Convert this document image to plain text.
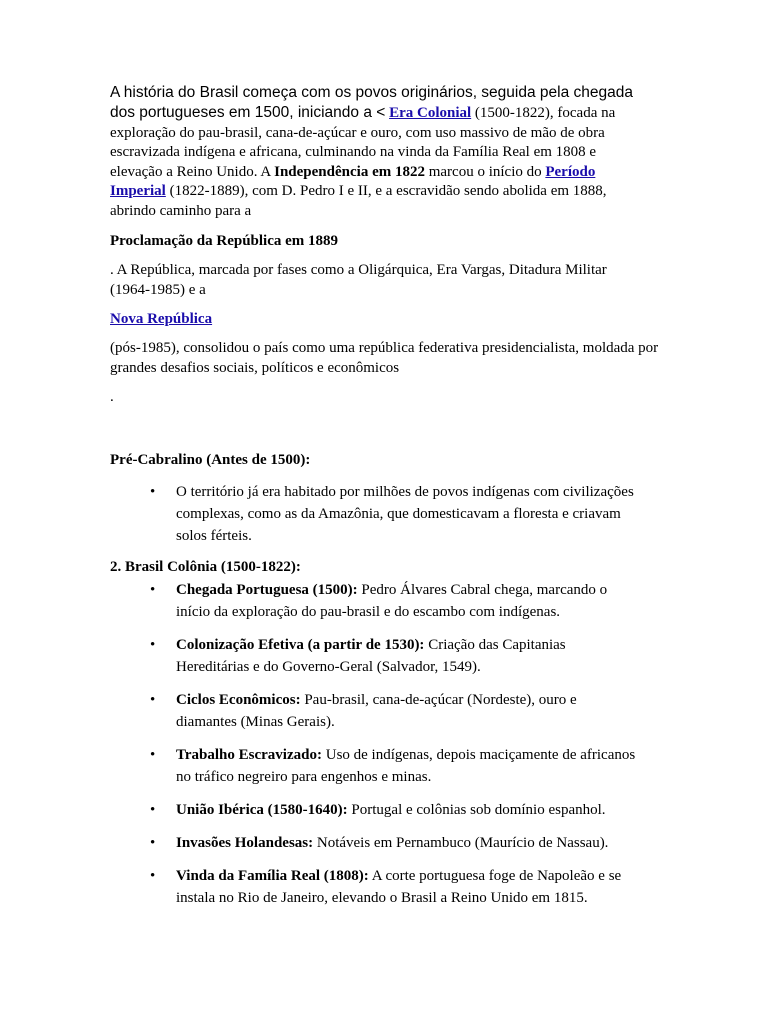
A história do Brasil começa com os povos originários, seguida pela chegada

dos portugueses em 1500, iniciando a < Era Colonial (1500-1822), focada na exploração do pau-brasil, cana-de-açúcar e ouro, com uso massivo de mão de obra escravizada indígena e africana, culminando na vinda da Família Real em 1808 e elevação a Reino Unido. A Independência em 1822 marcou o início do Período Imperial (1822-1889), com D. Pedro I e II, e a escravidão sendo abolida em 1888, abrindo caminho para a

Proclamação da República em 1889

. A República, marcada por fases como a Oligárquica, Era Vargas, Ditadura Militar (1964-1985) e a

Nova República

(pós-1985), consolidou o país como uma república federativa presidencialista, moldada por grandes desafios sociais, políticos e econômicos

.

Pré-Cabralino (Antes de 1500):

• O território já era habitado por milhões de povos indígenas com civilizações complexas, como as da Amazônia, que domesticavam a floresta e criavam solos férteis.

2. Brasil Colônia (1500-1822):

• Chegada Portuguesa (1500): Pedro Álvares Cabral chega, marcando o início da exploração do pau-brasil e do escambo com indígenas.
• Colonização Efetiva (a partir de 1530): Criação das Capitanias Hereditárias e do Governo-Geral (Salvador, 1549).
• Ciclos Econômicos: Pau-brasil, cana-de-açúcar (Nordeste), ouro e diamantes (Minas Gerais).
• Trabalho Escravizado: Uso de indígenas, depois maciçamente de africanos no tráfico negreiro para engenhos e minas.
• União Ibérica (1580-1640): Portugal e colônias sob domínio espanhol.
• Invasões Holandesas: Notáveis em Pernambuco (Maurício de Nassau).
• Vinda da Família Real (1808): A corte portuguesa foge de Napoleão e se instala no Rio de Janeiro, elevando o Brasil a Reino Unido em 1815.
